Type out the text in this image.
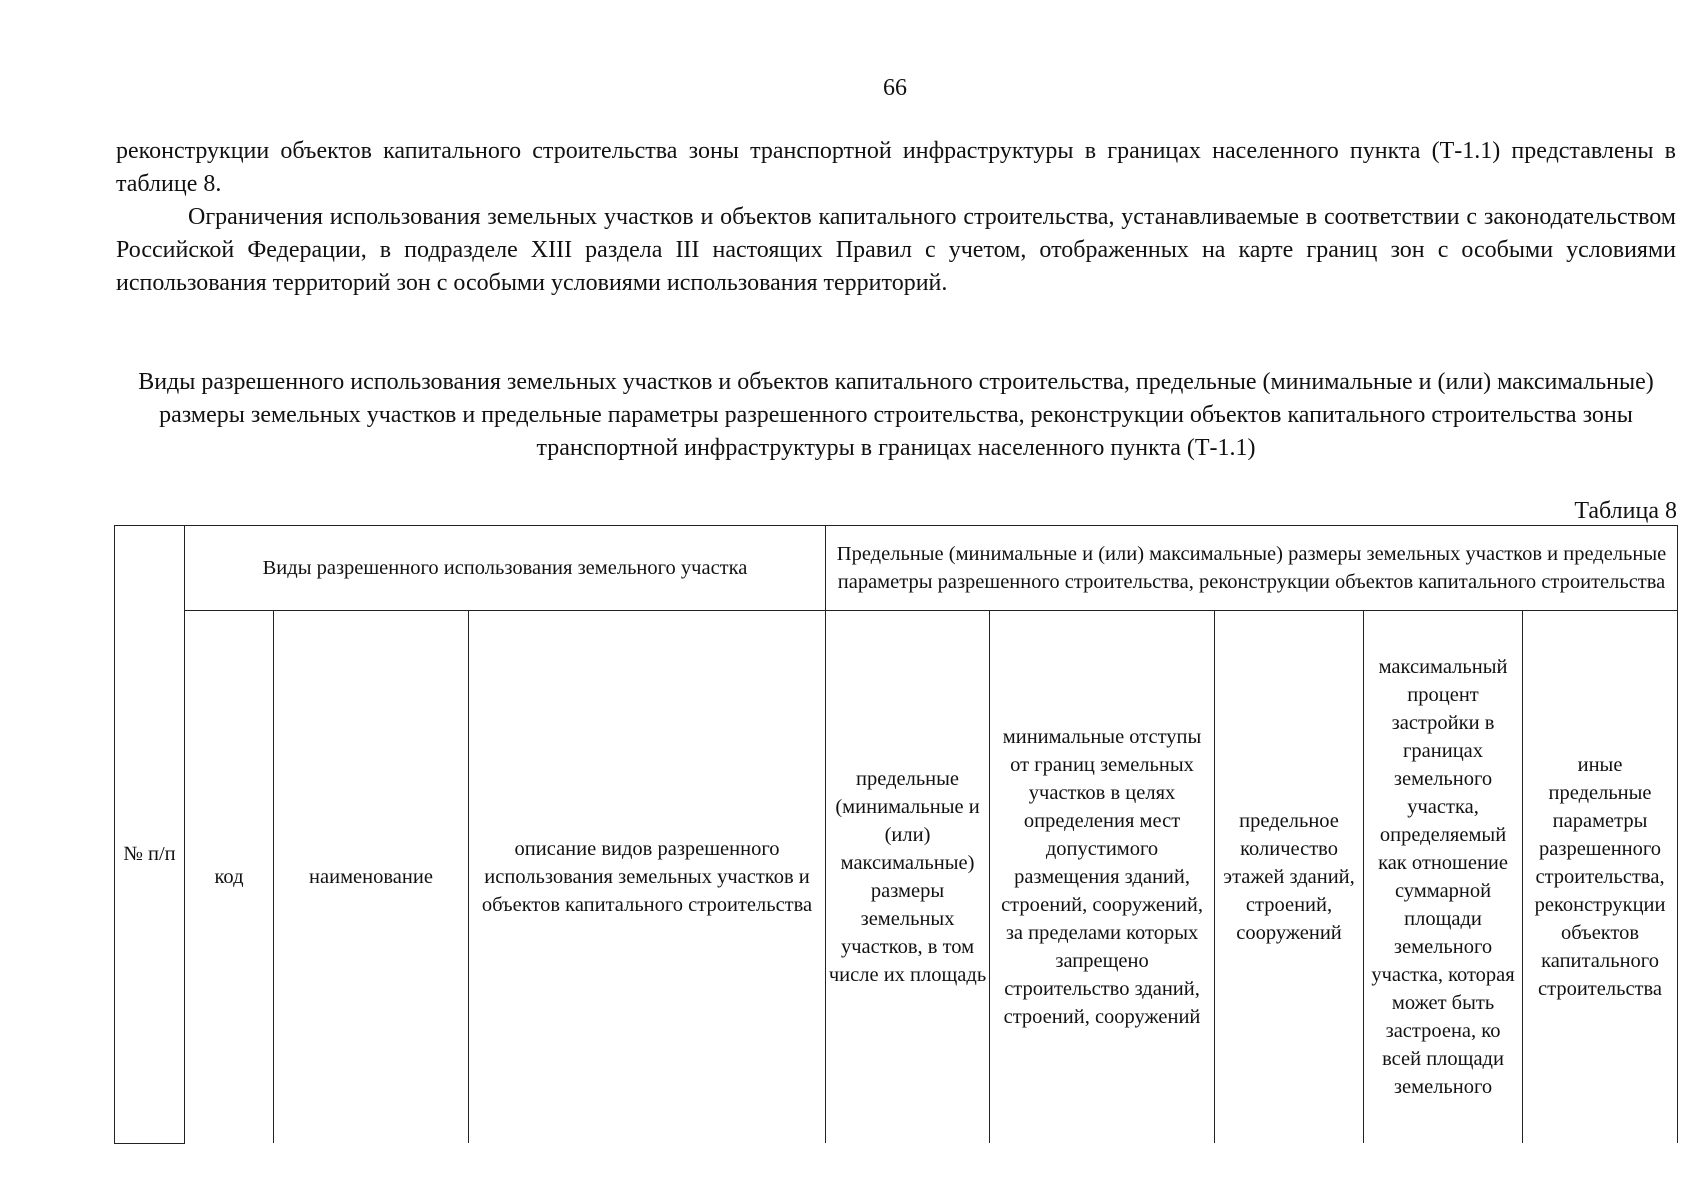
66

реконструкции объектов капитального строительства зоны транспортной инфраструктуры в границах населенного пункта (Т-1.1) представлены в таблице 8.

Ограничения использования земельных участков и объектов капитального строительства, устанавливаемые в соответствии с законодательством Российской Федерации, в подразделе XIII раздела III настоящих Правил с учетом, отображенных на карте границ зон с особыми условиями использования территорий зон с особыми условиями использования территорий.

Виды разрешенного использования земельных участков и объектов капитального строительства, предельные (минимальные и (или) максимальные) размеры земельных участков и предельные параметры разрешенного строительства, реконструкции объектов капитального строительства зоны транспортной инфраструктуры в границах населенного пункта (Т-1.1)
Таблица 8
№ п/п	Виды разрешенного использования земельного участка			Предельные (минимальные и (или) максимальные) размеры земельных участков и предельные параметры разрешенного строительства, реконструкции объектов капитального строительства				
	код	наименование	описание видов разрешенного использования земельных участков и объектов капитального строительства	предельные (минимальные и (или) максимальные) размеры земельных участков, в том числе их площадь	минимальные отступы от границ земельных участков в целях определения мест допустимого размещения зданий, строений, сооружений, за пределами которых запрещено строительство зданий, строений, сооружений	предельное количество этажей зданий, строений, сооружений	максимальный процент застройки в границах земельного участка, определяемый как отношение суммарной площади земельного участка, которая может быть застроена, ко всей площади земельного	иные предельные параметры разрешенного строительства, реконструкции объектов капитального строительства
